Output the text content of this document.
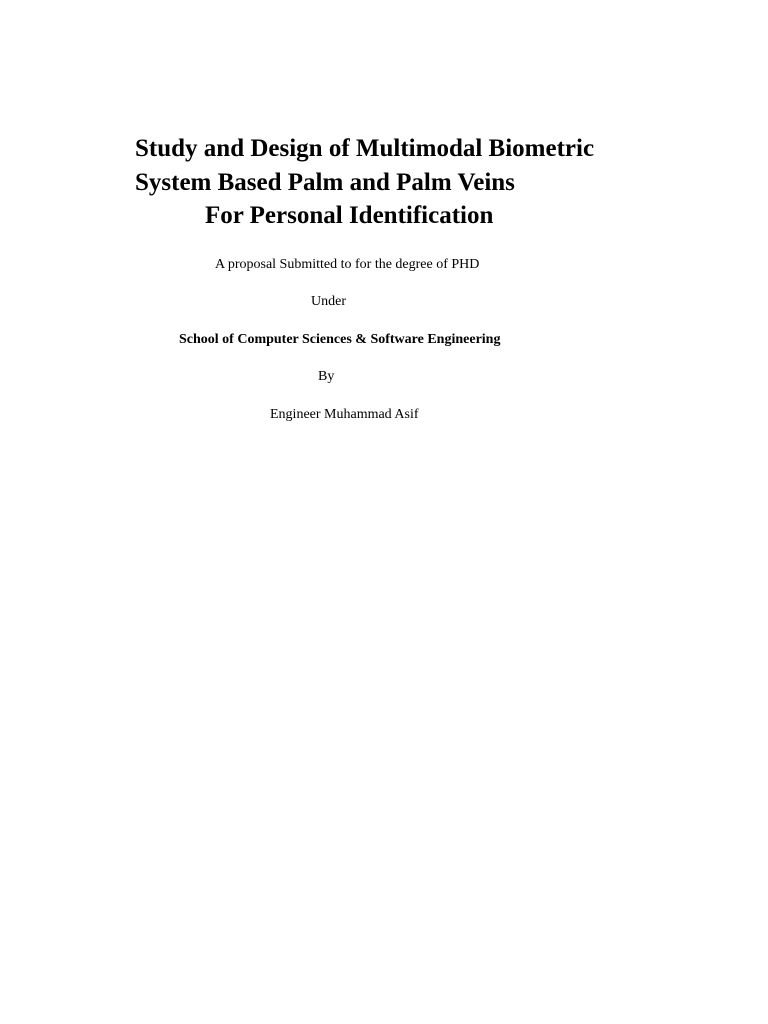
Study and Design of Multimodal Biometric
System Based Palm and Palm Veins
For Personal Identification
A proposal Submitted to for the degree of PHD
Under
School of Computer Sciences & Software Engineering
By
Engineer Muhammad Asif
